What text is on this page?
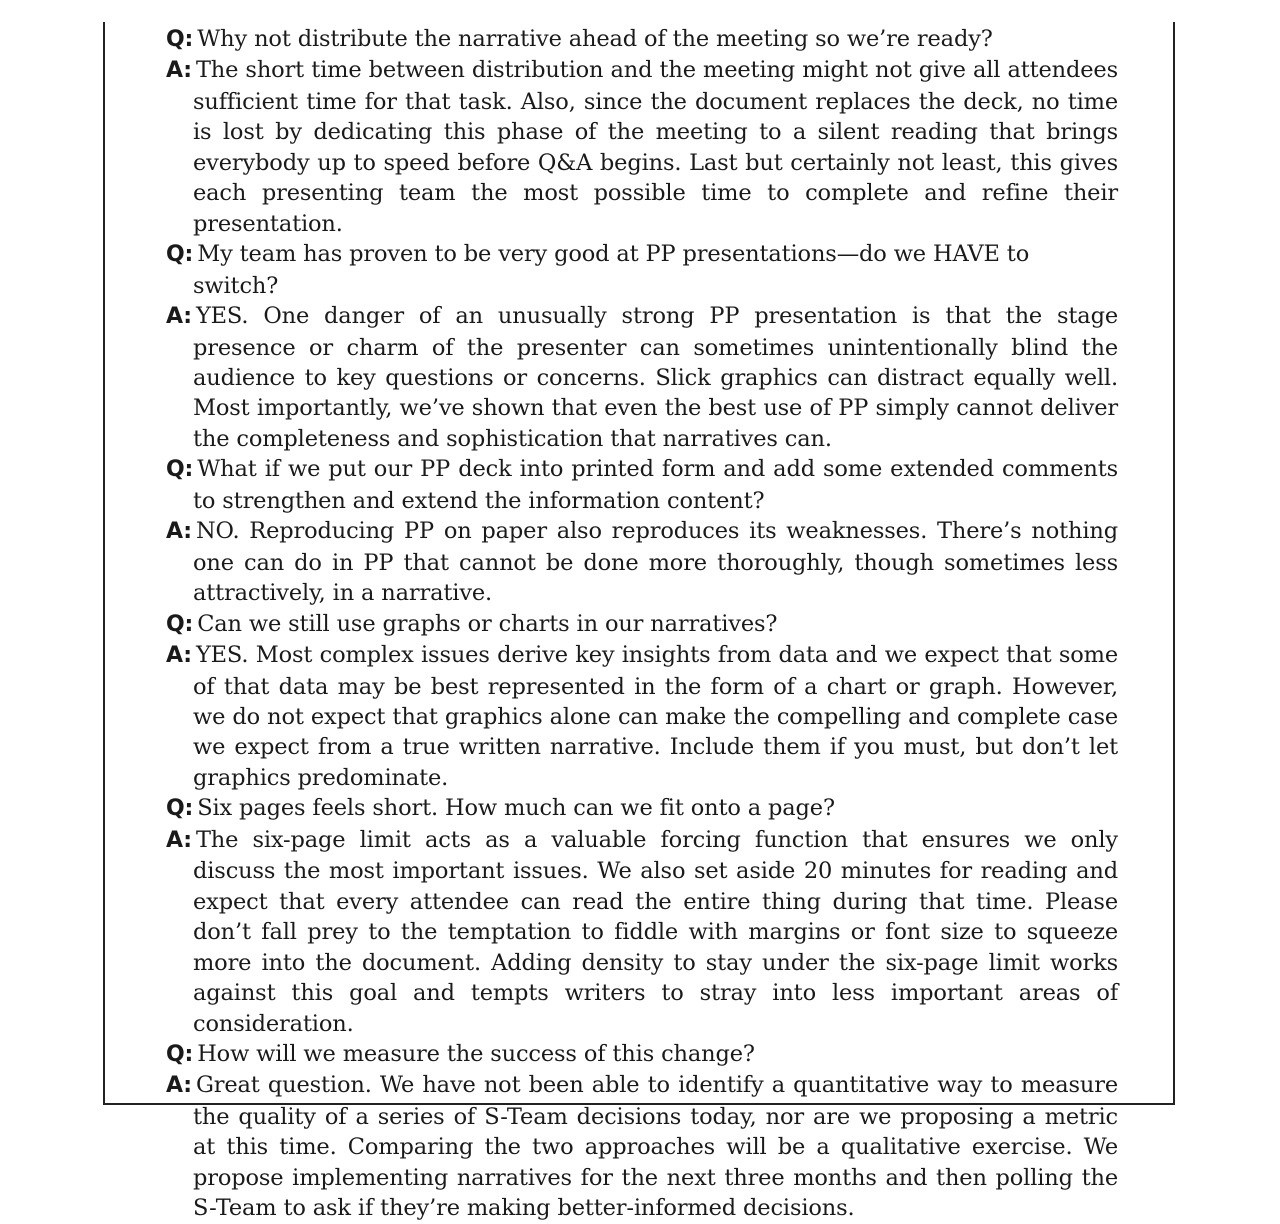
Q: Why not distribute the narrative ahead of the meeting so we’re ready?

A: The short time between distribution and the meeting might not give all attendees sufficient time for that task. Also, since the document replaces the deck, no time is lost by dedicating this phase of the meeting to a silent reading that brings everybody up to speed before Q&A begins. Last but certainly not least, this gives each presenting team the most possible time to complete and refine their presentation.

Q: My team has proven to be very good at PP presentations—do we HAVE to switch?

A: YES. One danger of an unusually strong PP presentation is that the stage presence or charm of the presenter can sometimes unintentionally blind the audience to key questions or concerns. Slick graphics can distract equally well. Most importantly, we’ve shown that even the best use of PP simply cannot deliver the completeness and sophistication that narratives can.

Q: What if we put our PP deck into printed form and add some extended comments to strengthen and extend the information content?

A: NO. Reproducing PP on paper also reproduces its weaknesses. There’s nothing one can do in PP that cannot be done more thoroughly, though sometimes less attractively, in a narrative.

Q: Can we still use graphs or charts in our narratives?

A: YES. Most complex issues derive key insights from data and we expect that some of that data may be best represented in the form of a chart or graph. However, we do not expect that graphics alone can make the compelling and complete case we expect from a true written narrative. Include them if you must, but don’t let graphics predominate.

Q: Six pages feels short. How much can we fit onto a page?

A: The six-page limit acts as a valuable forcing function that ensures we only discuss the most important issues. We also set aside 20 minutes for reading and expect that every attendee can read the entire thing during that time. Please don’t fall prey to the temptation to fiddle with margins or font size to squeeze more into the document. Adding density to stay under the six-page limit works against this goal and tempts writers to stray into less important areas of consideration.

Q: How will we measure the success of this change?

A: Great question. We have not been able to identify a quantitative way to measure the quality of a series of S-Team decisions today, nor are we proposing a metric at this time. Comparing the two approaches will be a qualitative exercise. We propose implementing narratives for the next three months and then polling the S-Team to ask if they’re making better-informed decisions.
